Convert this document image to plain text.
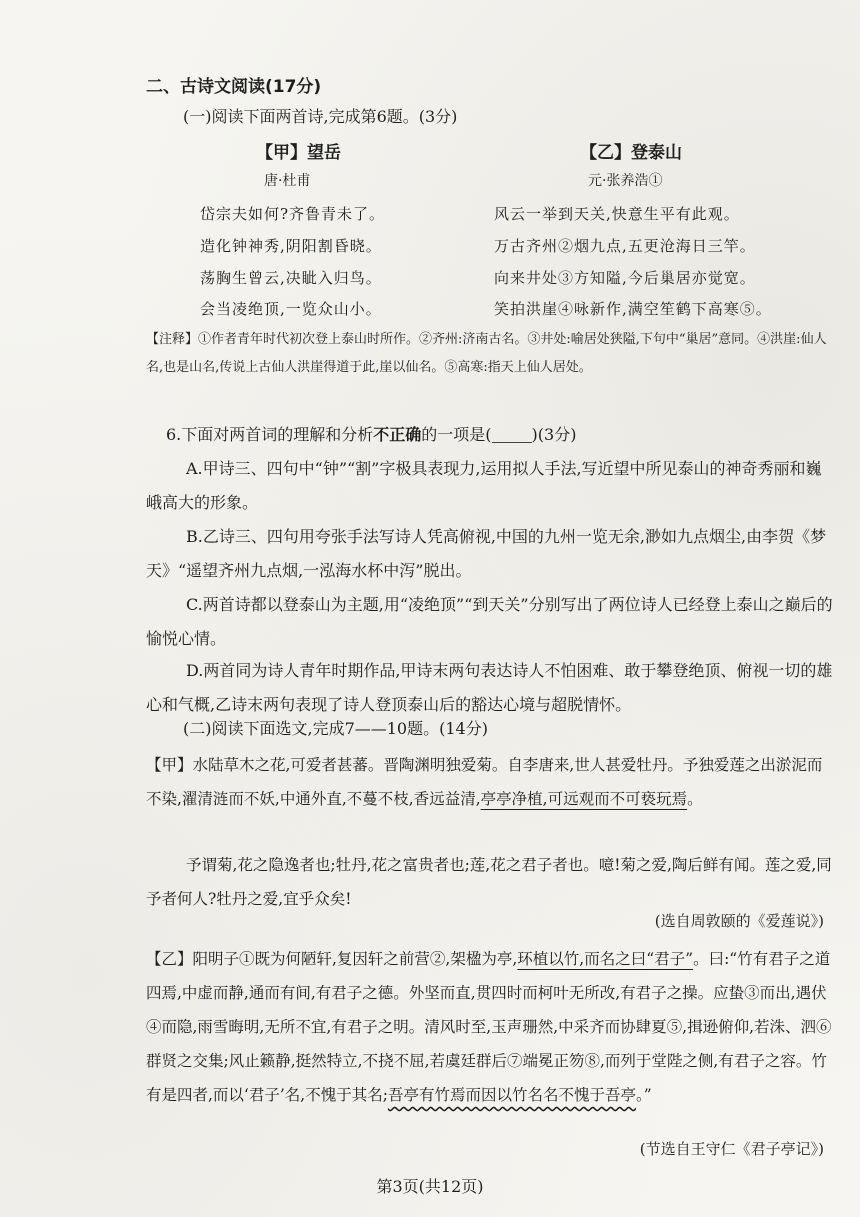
二、古诗文阅读(17分)
(一)阅读下面两首诗,完成第6题。(3分)
【甲】望岳
唐·杜甫
岱宗夫如何?齐鲁青未了。
造化钟神秀,阴阳割昏晓。
荡胸生曾云,决眦入归鸟。
会当凌绝顶,一览众山小。
【乙】登泰山
元·张养浩①
风云一举到天关,快意生平有此观。
万古齐州②烟九点,五更沧海日三竿。
向来井处③方知隘,今后巢居亦觉宽。
笑拍洪崖④咏新作,满空笙鹤下高寒⑤。
【注释】①作者青年时代初次登上泰山时所作。②齐州:济南古名。③井处:喻居处狭隘,下句中“巢居”意同。④洪崖:仙人名,也是山名,传说上古仙人洪崖得道于此,崖以仙名。⑤高寒:指天上仙人居处。
6.下面对两首词的理解和分析不正确的一项是(	)(3分)
A.甲诗三、四句中“钟”“割”字极具表现力,运用拟人手法,写近望中所见泰山的神奇秀丽和巍峨高大的形象。
B.乙诗三、四句用夸张手法写诗人凭高俯视,中国的九州一览无余,渺如九点烟尘,由李贺《梦天》“遥望齐州九点烟,一泓海水杯中泻”脱出。
C.两首诗都以登泰山为主题,用“凌绝顶”“到天关”分别写出了两位诗人已经登上泰山之巅后的愉悦心情。
D.两首同为诗人青年时期作品,甲诗末两句表达诗人不怕困难、敢于攀登绝顶、俯视一切的雄心和气概,乙诗末两句表现了诗人登顶泰山后的豁达心境与超脱情怀。
(二)阅读下面选文,完成7——10题。(14分)
【甲】水陆草木之花,可爱者甚蕃。晋陶渊明独爱菊。自李唐来,世人甚爱牡丹。予独爱莲之出淤泥而不染,濯清涟而不妖,中通外直,不蔓不枝,香远益清,亭亭净植,可远观而不可亵玩焉。
予谓菊,花之隐逸者也;牡丹,花之富贵者也;莲,花之君子者也。噫!菊之爱,陶后鲜有闻。莲之爱,同予者何人?牡丹之爱,宜乎众矣!
(选自周敦颐的《爱莲说》)
【乙】阳明子①既为何陋轩,复因轩之前营②,架楹为亭,环植以竹,而名之曰“君子”。曰:“竹有君子之道四焉,中虚而静,通而有间,有君子之德。外坚而直,贯四时而柯叶无所改,有君子之操。应蛰③而出,遇伏④而隐,雨雪晦明,无所不宜,有君子之明。清风时至,玉声珊然,中采齐而协肆夏⑤,揖逊俯仰,若洙、泗⑥群贤之交集;风止籁静,挺然特立,不挠不屈,若虞廷群后⑦端冕正笏⑧,而列于堂陛之侧,有君子之容。竹有是四者,而以‘君子’名,不愧于其名;吾亭有竹焉而因以竹名名不愧于吾亭。”
(节选自王守仁《君子亭记》)
第3页(共12页)
